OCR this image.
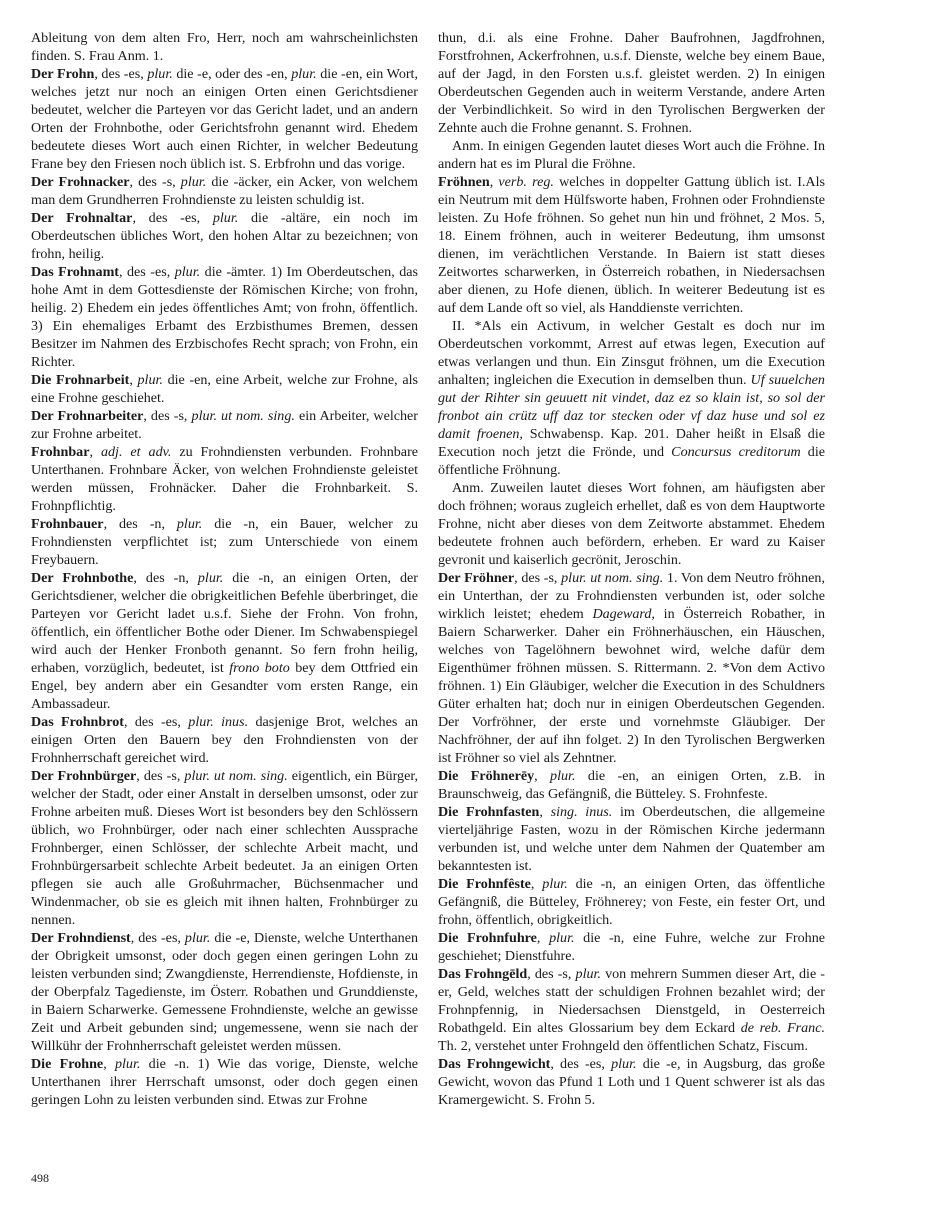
Ableitung von dem alten Fro, Herr, noch am wahrscheinlichsten finden. S. Frau Anm. 1.

Der Frohn, des -es, plur. die -e, oder des -en, plur. die -en, ein Wort, welches jetzt nur noch an einigen Orten einen Gerichtsdiener bedeutet, welcher die Parteyen vor das Gericht ladet, und an andern Orten der Frohnbothe, oder Gerichtsfrohn genannt wird. Ehedem bedeutete dieses Wort auch einen Richter, in welcher Bedeutung Frane bey den Friesen noch üblich ist. S. Erbfrohn und das vorige.

Der Frohnacker, des -s, plur. die -äcker, ein Acker, von welchem man dem Grundherren Frohndienste zu leisten schuldig ist.

Der Frohnaltar, des -es, plur. die -altäre, ein noch im Oberdeutschen übliches Wort, den hohen Altar zu bezeichnen; von frohn, heilig.

Das Frohnamt, des -es, plur. die -ämter. 1) Im Oberdeutschen, das hohe Amt in dem Gottesdienste der Römischen Kirche; von frohn, heilig. 2) Ehedem ein jedes öffentliches Amt; von frohn, öffentlich. 3) Ein ehemaliges Erbamt des Erzbisthumes Bremen, dessen Besitzer im Nahmen des Erzbischofes Recht sprach; von Frohn, ein Richter.

Die Frohnarbeit, plur. die -en, eine Arbeit, welche zur Frohne, als eine Frohne geschiehet.

Der Frohnarbeiter, des -s, plur. ut nom. sing. ein Arbeiter, welcher zur Frohne arbeitet.

Frohnbar, adj. et adv. zu Frohndiensten verbunden. Frohnbare Unterthanen. Frohnbare Äcker, von welchen Frohndienste geleistet werden müssen, Frohnäcker. Daher die Frohnbarkeit. S. Frohnpflichtig.

Frohnbauer, des -n, plur. die -n, ein Bauer, welcher zu Frohndiensten verpflichtet ist; zum Unterschiede von einem Freybauern.

Der Frohnbothe, des -n, plur. die -n, an einigen Orten, der Gerichtsdiener, welcher die obrigkeitlichen Befehle überbringet, die Parteyen vor Gericht ladet u.s.f. Siehe der Frohn. Von frohn, öffentlich, ein öffentlicher Bothe oder Diener. Im Schwabenspiegel wird auch der Henker Fronboth genannt. So fern frohn heilig, erhaben, vorzüglich, bedeutet, ist frono boto bey dem Ottfried ein Engel, bey andern aber ein Gesandter vom ersten Range, ein Ambassadeur.

Das Frohnbrot, des -es, plur. inus. dasjenige Brot, welches an einigen Orten den Bauern bey den Frohndiensten von der Frohnherrschaft gereichet wird.

Der Frohnbürger, des -s, plur. ut nom. sing. eigentlich, ein Bürger, welcher der Stadt, oder einer Anstalt in derselben umsonst, oder zur Frohne arbeiten muß. Dieses Wort ist besonders bey den Schlössern üblich, wo Frohnbürger, oder nach einer schlechten Aussprache Frohnberger, einen Schlösser, der schlechte Arbeit macht, und Frohnbürgersarbeit schlechte Arbeit bedeutet. Ja an einigen Orten pflegen sie auch alle Großuhrmacher, Büchsenmacher und Windenmacher, ob sie es gleich mit ihnen halten, Frohnbürger zu nennen.

Der Frohndienst, des -es, plur. die -e, Dienste, welche Unterthanen der Obrigkeit umsonst, oder doch gegen einen geringen Lohn zu leisten verbunden sind; Zwangdienste, Herrendienste, Hofdienste, in der Oberpfalz Tagedienste, im Österr. Robathen und Grunddienste, in Baiern Scharwerke. Gemessene Frohndienste, welche an gewisse Zeit und Arbeit gebunden sind; ungemessene, wenn sie nach der Willkühr der Frohnherrschaft geleistet werden müssen.

Die Frohne, plur. die -n. 1) Wie das vorige, Dienste, welche Unterthanen ihrer Herrschaft umsonst, oder doch gegen einen geringen Lohn zu leisten verbunden sind. Etwas zur Frohne

thun, d.i. als eine Frohne. Daher Baufrohnen, Jagdfrohnen, Forstfrohnen, Ackerfrohnen, u.s.f. Dienste, welche bey einem Baue, auf der Jagd, in den Forsten u.s.f. gleistet werden. 2) In einigen Oberdeutschen Gegenden auch in weiterm Verstande, andere Arten der Verbindlichkeit. So wird in den Tyrolischen Bergwerken der Zehnte auch die Frohne genannt. S. Frohnen.

Anm. In einigen Gegenden lautet dieses Wort auch die Fröhne. In andern hat es im Plural die Fröhne.

Fröhnen, verb. reg. welches in doppelter Gattung üblich ist. I.Als ein Neutrum mit dem Hülfsworte haben, Frohnen oder Frohndienste leisten. Zu Hofe fröhnen. So gehet nun hin und fröhnet, 2 Mos. 5, 18. Einem fröhnen, auch in weiterer Bedeutung, ihm umsonst dienen, im verächtlichen Verstande. In Baiern ist statt dieses Zeitwortes scharwerken, in Österreich robathen, in Niedersachsen aber dienen, zu Hofe dienen, üblich. In weiterer Bedeutung ist es auf dem Lande oft so viel, als Handdienste verrichten.

II. *Als ein Activum, in welcher Gestalt es doch nur im Oberdeutschen vorkommt, Arrest auf etwas legen, Execution auf etwas verlangen und thun. Ein Zinsgut fröhnen, um die Execution anhalten; ingleichen die Execution in demselben thun. Uf suuelchen gut der Rihter sin geuuett nit vindet, daz ez so klain ist, so sol der fronbot ain crütz uff daz tor stecken oder vf daz huse und sol ez damit froenen, Schwabensp. Kap. 201. Daher heißt in Elsaß die Execution noch jetzt die Frönde, und Concursus creditorum die öffentliche Fröhnung.

Anm. Zuweilen lautet dieses Wort fohnen, am häufigsten aber doch fröhnen; woraus zugleich erhellet, daß es von dem Hauptworte Frohne, nicht aber dieses von dem Zeitworte abstammet. Ehedem bedeutete frohnen auch befördern, erheben. Er ward zu Kaiser gevronit und kaiserlich gecrönit, Jeroschin.

Der Fröhner, des -s, plur. ut nom. sing. 1. Von dem Neutro fröhnen, ein Unterthan, der zu Frohndiensten verbunden ist, oder solche wirklich leistet; ehedem Dageward, in Österreich Robather, in Baiern Scharwerker. Daher ein Fröhnerhäuschen, ein Häuschen, welches von Tagelöhnern bewohnet wird, welche dafür dem Eigenthümer fröhnen müssen. S. Rittermann. 2. *Von dem Activo fröhnen. 1) Ein Gläubiger, welcher die Execution in des Schuldners Güter erhalten hat; doch nur in einigen Oberdeutschen Gegenden. Der Vorfröhner, der erste und vornehmste Gläubiger. Der Nachfröhner, der auf ihn folget. 2) In den Tyrolischen Bergwerken ist Fröhner so viel als Zehntner.

Die Fröhnerēy, plur. die -en, an einigen Orten, z.B. in Braunschweig, das Gefängniß, die Bütteley. S. Frohnfeste.

Die Frohnfasten, sing. inus. im Oberdeutschen, die allgemeine vierteljährige Fasten, wozu in der Römischen Kirche jedermann verbunden ist, und welche unter dem Nahmen der Quatember am bekanntesten ist.

Die Frohnfêste, plur. die -n, an einigen Orten, das öffentliche Gefängniß, die Bütteley, Fröhnerey; von Feste, ein fester Ort, und frohn, öffentlich, obrigkeitlich.

Die Frohnfuhre, plur. die -n, eine Fuhre, welche zur Frohne geschiehet; Dienstfuhre.

Das Frohngēld, des -s, plur. von mehrern Summen dieser Art, die -er, Geld, welches statt der schuldigen Frohnen bezahlet wird; der Frohnpfennig, in Niedersachsen Dienstgeld, in Oesterreich Robathgeld. Ein altes Glossarium bey dem Eckard de reb. Franc. Th. 2, verstehet unter Frohngeld den öffentlichen Schatz, Fiscum.

Das Frohngewicht, des -es, plur. die -e, in Augsburg, das große Gewicht, wovon das Pfund 1 Loth und 1 Quent schwerer ist als das Kramergewicht. S. Frohn 5.

498
